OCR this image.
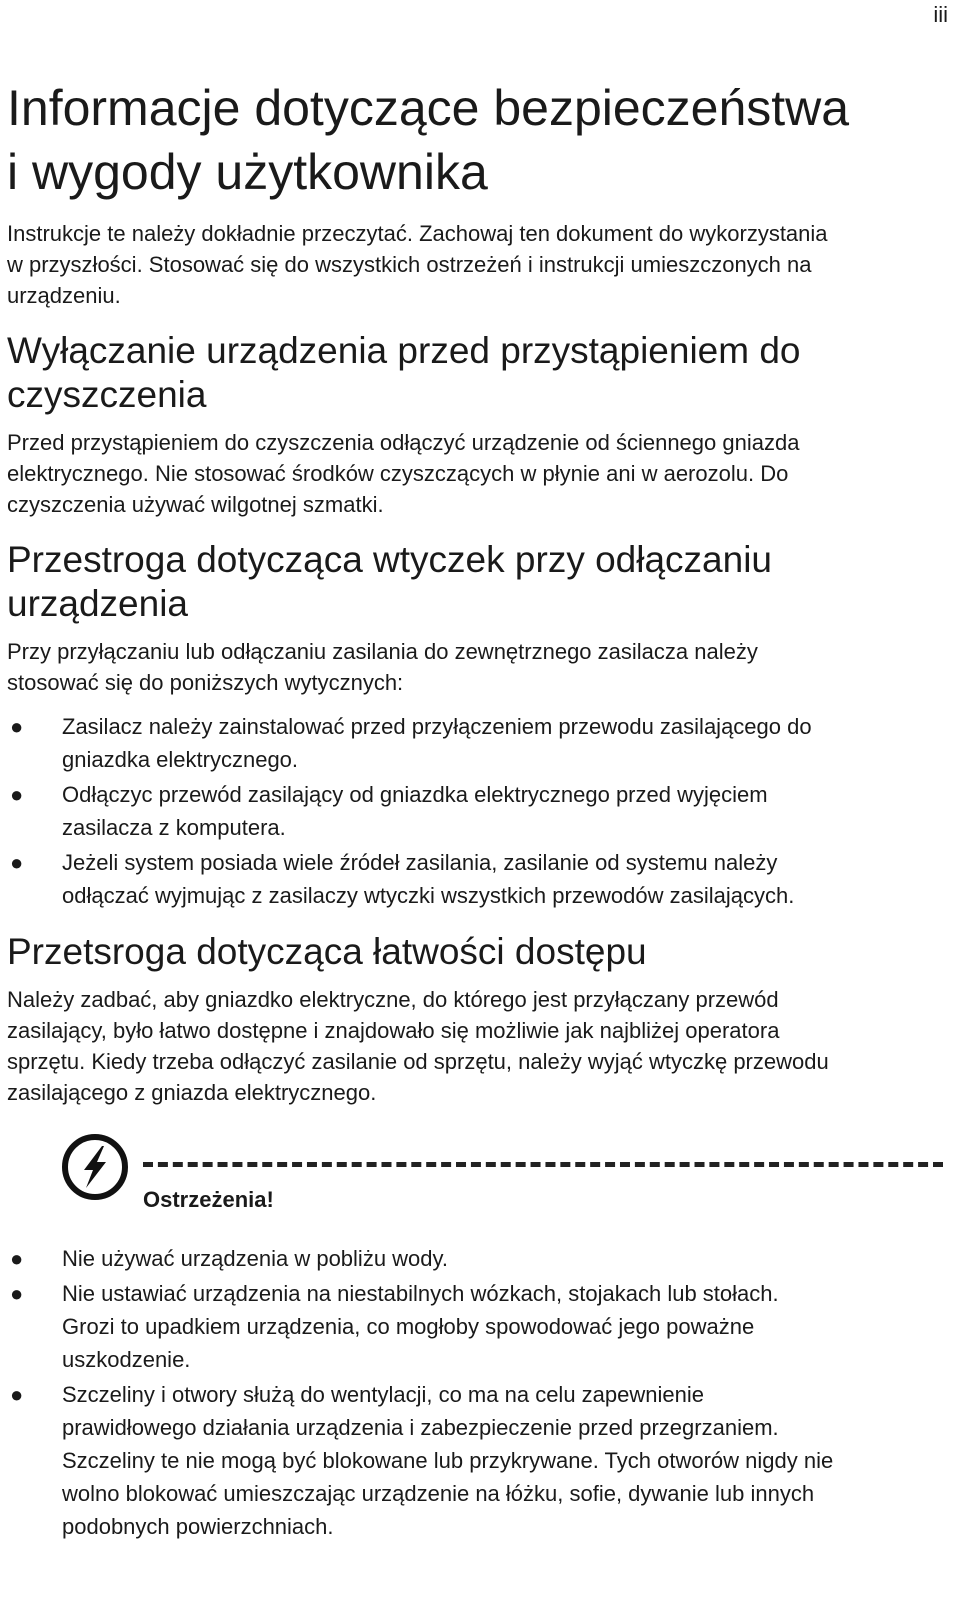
iii
Informacje dotyczące bezpieczeństwa
i wygody użytkownika

Instrukcje te należy dokładnie przeczytać. Zachowaj ten dokument do wykorzystania
w przyszłości. Stosować się do wszystkich ostrzeżeń i instrukcji umieszczonych na
urządzeniu.

Wyłączanie urządzenia przed przystąpieniem do
czyszczenia

Przed przystąpieniem do czyszczenia odłączyć urządzenie od ściennego gniazda
elektrycznego. Nie stosować środków czyszczących w płynie ani w aerozolu. Do
czyszczenia używać wilgotnej szmatki.

Przestroga dotycząca wtyczek przy odłączaniu
urządzenia

Przy przyłączaniu lub odłączaniu zasilania do zewnętrznego zasilacza należy
stosować się do poniższych wytycznych:

● Zasilacz należy zainstalować przed przyłączeniem przewodu zasilającego do
gniazdka elektrycznego.
● Odłączyc przewód zasilający od gniazdka elektrycznego przed wyjęciem
zasilacza z komputera.
● Jeżeli system posiada wiele źródeł zasilania, zasilanie od systemu należy
odłączać wyjmując z zasilaczy wtyczki wszystkich przewodów zasilających.
Przetsroga dotycząca łatwości dostępu

Należy zadbać, aby gniazdko elektryczne, do którego jest przyłączany przewód
zasilający, było łatwo dostępne i znajdowało się możliwie jak najbliżej operatora
sprzętu. Kiedy trzeba odłączyć zasilanie od sprzętu, należy wyjąć wtyczkę przewodu
zasilającego z gniazda elektrycznego.

Ostrzeżenia!
● Nie używać urządzenia w pobliżu wody.
● Nie ustawiać urządzenia na niestabilnych wózkach, stojakach lub stołach.
Grozi to upadkiem urządzenia, co mogłoby spowodować jego poważne
uszkodzenie.
● Szczeliny i otwory służą do wentylacji, co ma na celu zapewnienie
prawidłowego działania urządzenia i zabezpieczenie przed przegrzaniem.
Szczeliny te nie mogą być blokowane lub przykrywane. Tych otworów nigdy nie
wolno blokować umieszczając urządzenie na łóżku, sofie, dywanie lub innych
podobnych powierzchniach.
